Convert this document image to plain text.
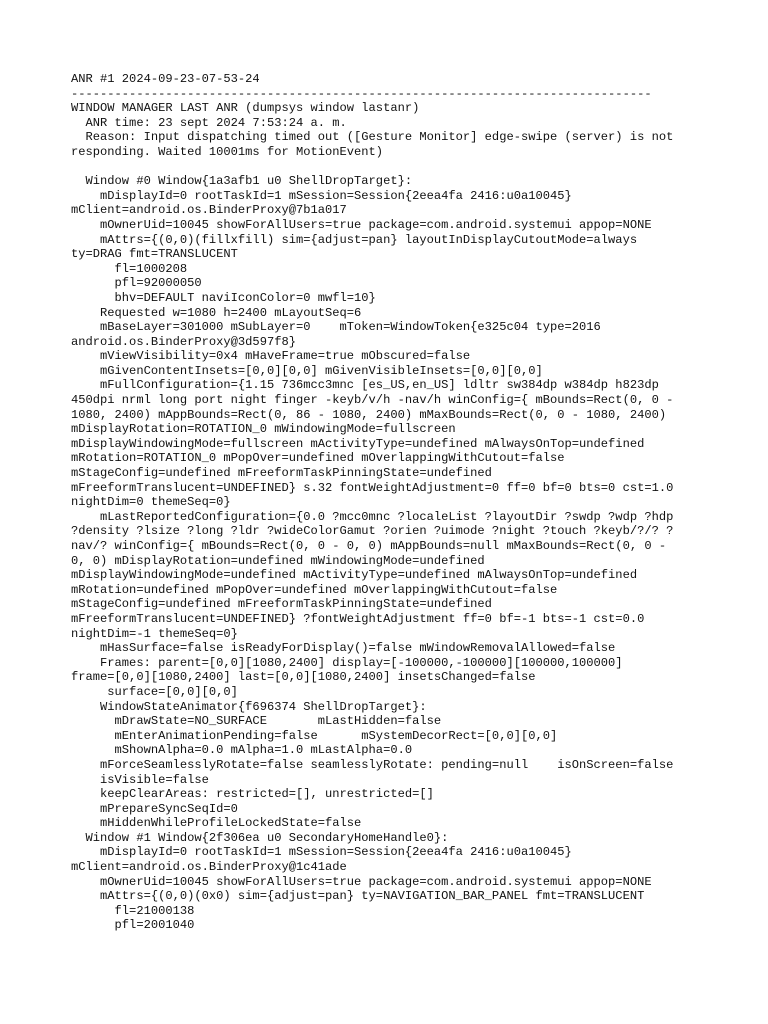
ANR #1 2024-09-23-07-53-24
--------------------------------------------------------------------------------
WINDOW MANAGER LAST ANR (dumpsys window lastanr)
ANR time: 23 sept 2024 7:53:24 a. m.
Reason: Input dispatching timed out ([Gesture Monitor] edge-swipe (server) is not
responding. Waited 10001ms for MotionEvent)
Window #0 Window{1a3afb1 u0 ShellDropTarget}:
mDisplayId=0 rootTaskId=1 mSession=Session{2eea4fa 2416:u0a10045}
mClient=android.os.BinderProxy@7b1a017
mOwnerUid=10045 showForAllUsers=true package=com.android.systemui appop=NONE
mAttrs={(0,0)(fillxfill) sim={adjust=pan} layoutInDisplayCutoutMode=always
ty=DRAG fmt=TRANSLUCENT
fl=1000208
pfl=92000050
bhv=DEFAULT naviIconColor=0 mwfl=10}
Requested w=1080 h=2400 mLayoutSeq=6
mBaseLayer=301000 mSubLayer=0    mToken=WindowToken{e325c04 type=2016
android.os.BinderProxy@3d597f8}
mViewVisibility=0x4 mHaveFrame=true mObscured=false
mGivenContentInsets=[0,0][0,0] mGivenVisibleInsets=[0,0][0,0]
mFullConfiguration={1.15 736mcc3mnc [es_US,en_US] ldltr sw384dp w384dp h823dp
450dpi nrml long port night finger -keyb/v/h -nav/h winConfig={ mBounds=Rect(0, 0 -
1080, 2400) mAppBounds=Rect(0, 86 - 1080, 2400) mMaxBounds=Rect(0, 0 - 1080, 2400)
mDisplayRotation=ROTATION_0 mWindowingMode=fullscreen
mDisplayWindowingMode=fullscreen mActivityType=undefined mAlwaysOnTop=undefined
mRotation=ROTATION_0 mPopOver=undefined mOverlappingWithCutout=false
mStageConfig=undefined mFreeformTaskPinningState=undefined
mFreeformTranslucent=UNDEFINED} s.32 fontWeightAdjustment=0 ff=0 bf=0 bts=0 cst=1.0
nightDim=0 themeSeq=0}
mLastReportedConfiguration={0.0 ?mcc0mnc ?localeList ?layoutDir ?swdp ?wdp ?hdp
?density ?lsize ?long ?ldr ?wideColorGamut ?orien ?uimode ?night ?touch ?keyb/?/? ?
nav/? winConfig={ mBounds=Rect(0, 0 - 0, 0) mAppBounds=null mMaxBounds=Rect(0, 0 -
0, 0) mDisplayRotation=undefined mWindowingMode=undefined
mDisplayWindowingMode=undefined mActivityType=undefined mAlwaysOnTop=undefined
mRotation=undefined mPopOver=undefined mOverlappingWithCutout=false
mStageConfig=undefined mFreeformTaskPinningState=undefined
mFreeformTranslucent=UNDEFINED} ?fontWeightAdjustment ff=0 bf=-1 bts=-1 cst=0.0
nightDim=-1 themeSeq=0}
mHasSurface=false isReadyForDisplay()=false mWindowRemovalAllowed=false
Frames: parent=[0,0][1080,2400] display=[-100000,-100000][100000,100000]
frame=[0,0][1080,2400] last=[0,0][1080,2400] insetsChanged=false
surface=[0,0][0,0]
WindowStateAnimator{f696374 ShellDropTarget}:
mDrawState=NO_SURFACE       mLastHidden=false
mEnterAnimationPending=false      mSystemDecorRect=[0,0][0,0]
mShownAlpha=0.0 mAlpha=1.0 mLastAlpha=0.0
mForceSeamlesslyRotate=false seamlesslyRotate: pending=null    isOnScreen=false
isVisible=false
keepClearAreas: restricted=[], unrestricted=[]
mPrepareSyncSeqId=0
mHiddenWhileProfileLockedState=false
Window #1 Window{2f306ea u0 SecondaryHomeHandle0}:
mDisplayId=0 rootTaskId=1 mSession=Session{2eea4fa 2416:u0a10045}
mClient=android.os.BinderProxy@1c41ade
mOwnerUid=10045 showForAllUsers=true package=com.android.systemui appop=NONE
mAttrs={(0,0)(0x0) sim={adjust=pan} ty=NAVIGATION_BAR_PANEL fmt=TRANSLUCENT
fl=21000138
pfl=2001040
